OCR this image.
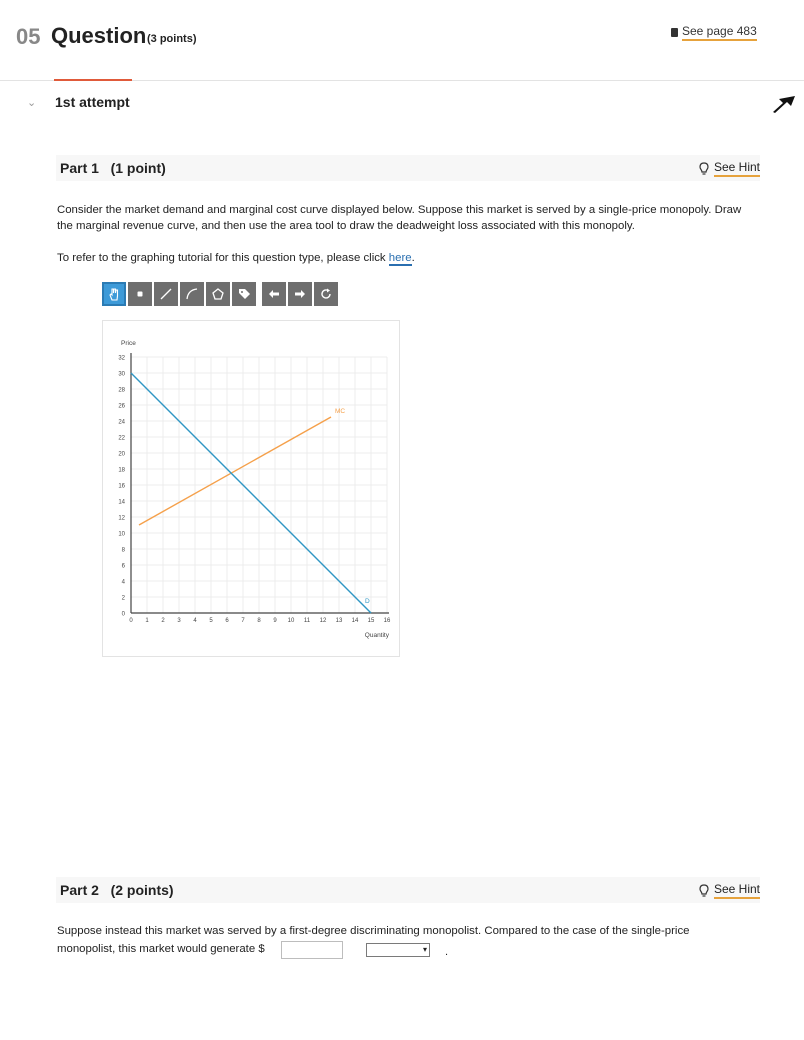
05 Question (3 points)
See page 483
⌄ 1st attempt
Part 1   (1 point)	See Hint
Consider the market demand and marginal cost curve displayed below. Suppose this market is served by a single-price monopoly. Draw the marginal revenue curve, and then use the area tool to draw the deadweight loss associated with this monopoly.
To refer to the graphing tutorial for this question type, please click here.
0
2
4
6
8
10
12
14
16
18
20
22
24
26
28
30
32
0 1 2 3 4 5 6 7 8 9 10 11 12 13 14 15 16
Price
Quantity
MC
D
Part 2   (2 points)	See Hint
Suppose instead this market was served by a first-degree discriminating monopolist. Compared to the case of the single-price
monopolist, this market would generate $	▾ .
